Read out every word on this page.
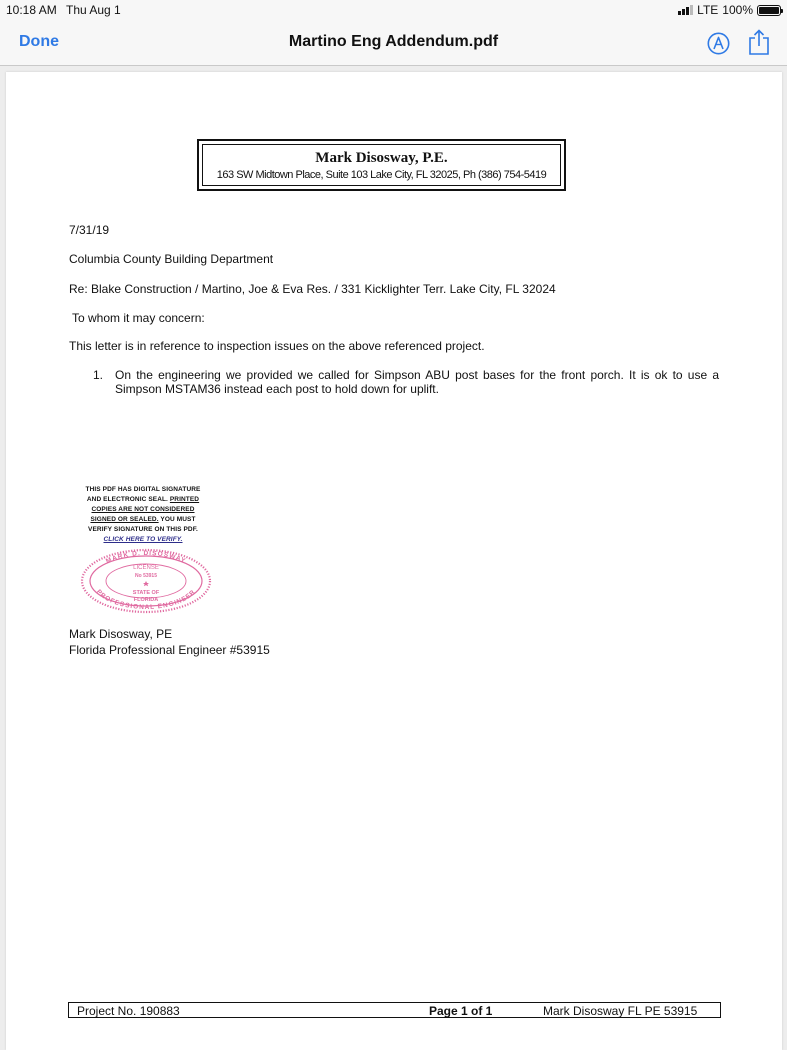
10:18 AM Thu Aug 1	LTE 100%
Done	Martino Eng Addendum.pdf
Mark Disosway, P.E.
163 SW Midtown Place, Suite 103 Lake City, FL 32025, Ph (386) 754-5419
7/31/19
Columbia County Building Department
Re: Blake Construction / Martino, Joe & Eva Res. / 331 Kicklighter Terr. Lake City, FL 32024
To whom it may concern:
This letter is in reference to inspection issues on the above referenced project.
1. On the engineering we provided we called for Simpson ABU post bases for the front porch. It is ok to use a Simpson MSTAM36 instead each post to hold down for uplift.
THIS PDF HAS DIGITAL SIGNATURE
AND ELECTRONIC SEAL. PRINTED
COPIES ARE NOT CONSIDERED
SIGNED OR SEALED. YOU MUST
VERIFY SIGNATURE ON THIS PDF.
CLICK HERE TO VERIFY.
MARK D. DISOSWAY
PROFESSIONAL ENGINEER
LICENSE
No 53915
STATE OF
FLORIDA
Mark Disosway, PE
Florida Professional Engineer #53915
Project No. 190883	Page 1 of 1	Mark Disosway FL PE 53915
